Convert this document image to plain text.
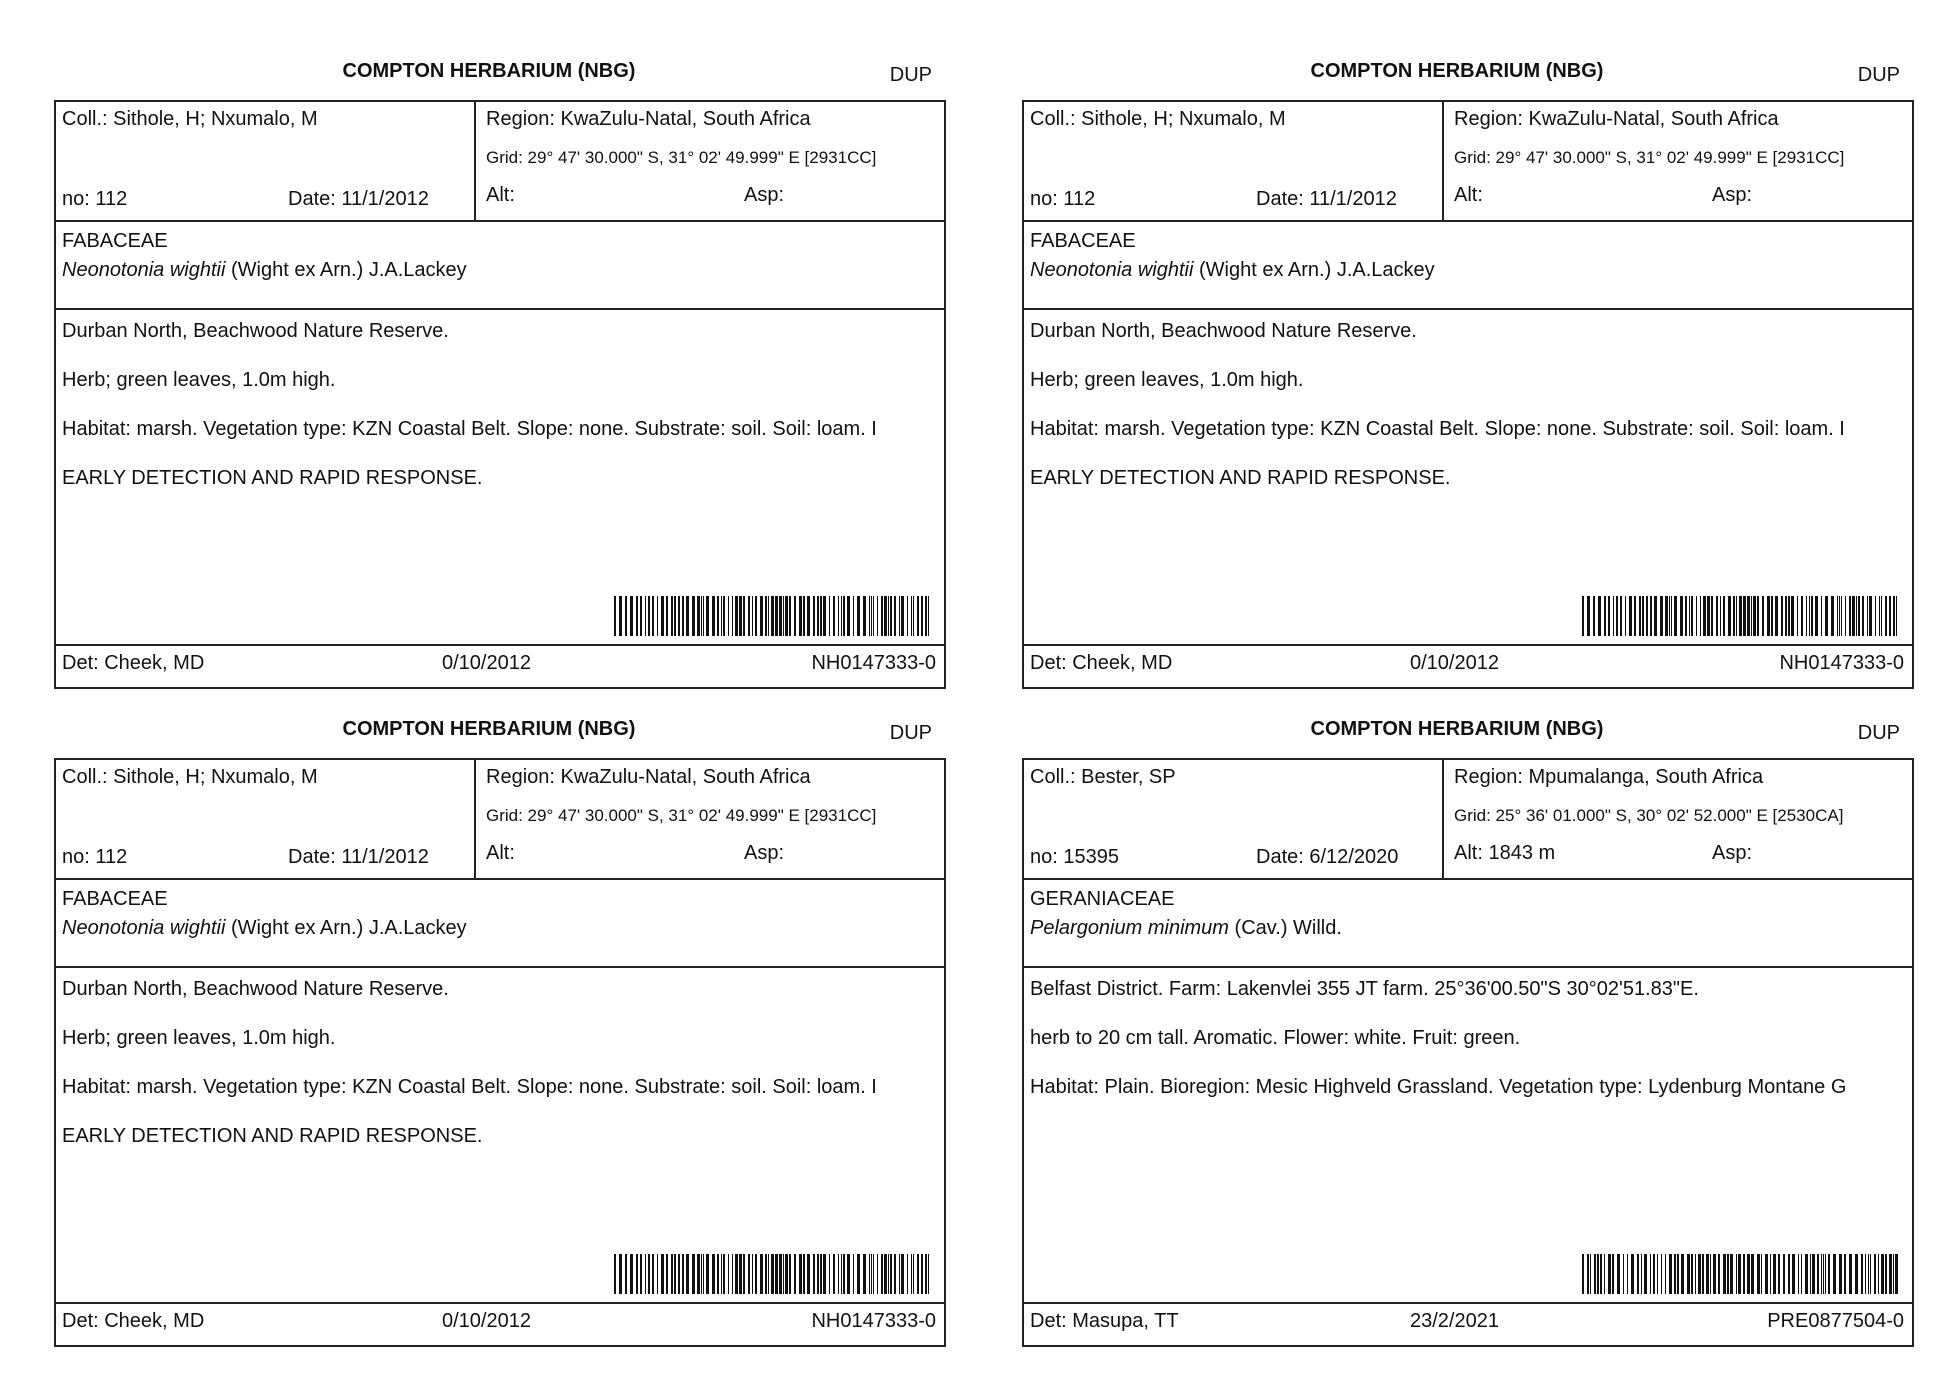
COMPTON HERBARIUM (NBG)	DUP
Coll.: Sithole, H; Nxumalo, M
no: 112	Date: 11/1/2012
Region: KwaZulu-Natal, South Africa
Grid: 29° 47' 30.000" S, 31° 02' 49.999" E [2931CC]
Alt:	Asp:
FABACEAE
Neonotonia wightii (Wight ex Arn.) J.A.Lackey
Durban North, Beachwood Nature Reserve.
Herb; green leaves, 1.0m high.
Habitat: marsh. Vegetation type: KZN Coastal Belt. Slope: none. Substrate: soil. Soil: loam. I
EARLY DETECTION AND RAPID RESPONSE.
Det: Cheek, MD	0/10/2012	NH0147333-0
COMPTON HERBARIUM (NBG)	DUP
Coll.: Sithole, H; Nxumalo, M
no: 112	Date: 11/1/2012
Region: KwaZulu-Natal, South Africa
Grid: 29° 47' 30.000" S, 31° 02' 49.999" E [2931CC]
Alt:	Asp:
FABACEAE
Neonotonia wightii (Wight ex Arn.) J.A.Lackey
Durban North, Beachwood Nature Reserve.
Herb; green leaves, 1.0m high.
Habitat: marsh. Vegetation type: KZN Coastal Belt. Slope: none. Substrate: soil. Soil: loam. I
EARLY DETECTION AND RAPID RESPONSE.
Det: Cheek, MD	0/10/2012	NH0147333-0
COMPTON HERBARIUM (NBG)	DUP
Coll.: Sithole, H; Nxumalo, M
no: 112	Date: 11/1/2012
Region: KwaZulu-Natal, South Africa
Grid: 29° 47' 30.000" S, 31° 02' 49.999" E [2931CC]
Alt:	Asp:
FABACEAE
Neonotonia wightii (Wight ex Arn.) J.A.Lackey
Durban North, Beachwood Nature Reserve.
Herb; green leaves, 1.0m high.
Habitat: marsh. Vegetation type: KZN Coastal Belt. Slope: none. Substrate: soil. Soil: loam. I
EARLY DETECTION AND RAPID RESPONSE.
Det: Cheek, MD	0/10/2012	NH0147333-0
COMPTON HERBARIUM (NBG)	DUP
Coll.: Bester, SP
no: 15395	Date: 6/12/2020
Region: Mpumalanga, South Africa
Grid: 25° 36' 01.000" S, 30° 02' 52.000" E [2530CA]
Alt: 1843 m	Asp:
GERANIACEAE
Pelargonium minimum (Cav.) Willd.
Belfast District. Farm: Lakenvlei 355 JT farm. 25°36'00.50"S 30°02'51.83"E.
herb to 20 cm tall. Aromatic. Flower: white. Fruit: green.
Habitat: Plain. Bioregion: Mesic Highveld Grassland. Vegetation type: Lydenburg Montane G
Det: Masupa, TT	23/2/2021	PRE0877504-0
